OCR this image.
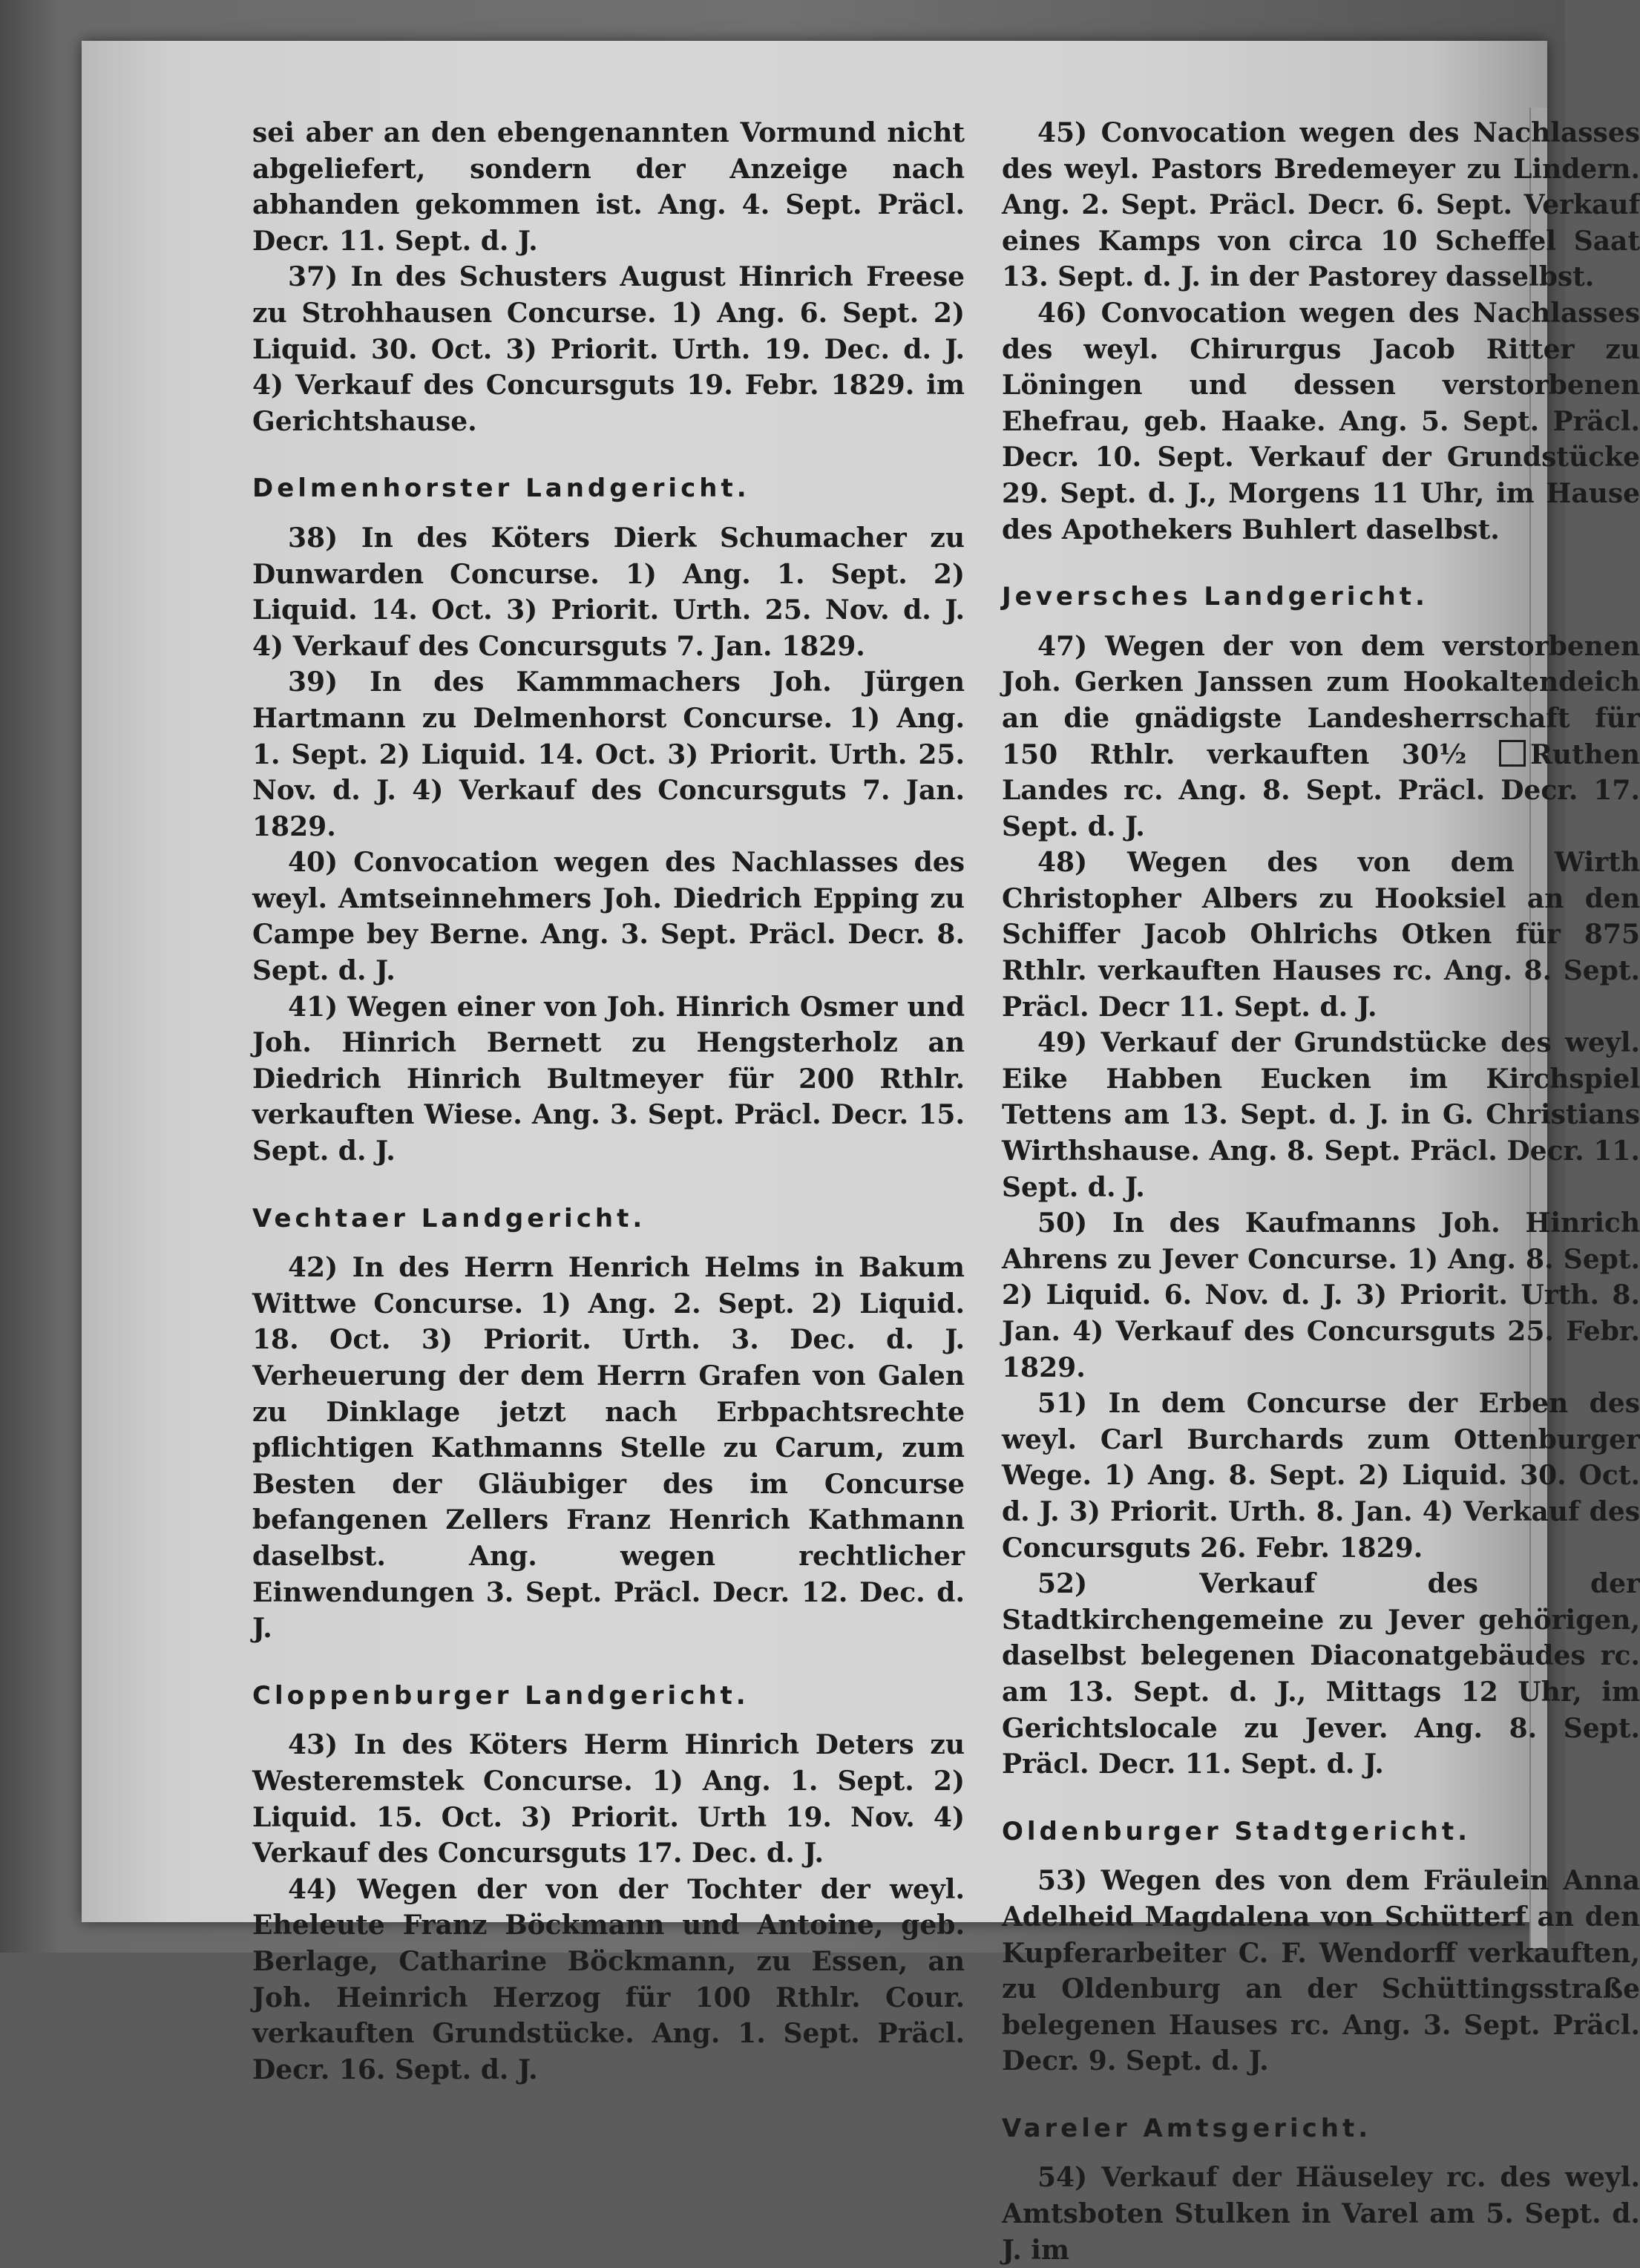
sei aber an den ebengenannten Vormund nicht abgeliefert, sondern der Anzeige nach abhanden gekommen ist. Ang. 4. Sept. Präcl. Decr. 11. Sept. d. J.

37) In des Schusters August Hinrich Freese zu Strohhausen Concurse. 1) Ang. 6. Sept. 2) Liquid. 30. Oct. 3) Priorit. Urth. 19. Dec. d. J. 4) Verkauf des Concursguts 19. Febr. 1829. im Gerichtshause.

Delmenhorster Landgericht.

38) In des Köters Dierk Schumacher zu Dunwarden Concurse. 1) Ang. 1. Sept. 2) Liquid. 14. Oct. 3) Priorit. Urth. 25. Nov. d. J. 4) Verkauf des Concursguts 7. Jan. 1829.

39) In des Kammmachers Joh. Jürgen Hartmann zu Delmenhorst Concurse. 1) Ang. 1. Sept. 2) Liquid. 14. Oct. 3) Priorit. Urth. 25. Nov. d. J. 4) Verkauf des Concursguts 7. Jan. 1829.

40) Convocation wegen des Nachlasses des weyl. Amtseinnehmers Joh. Diedrich Epping zu Campe bey Berne. Ang. 3. Sept. Präcl. Decr. 8. Sept. d. J.

41) Wegen einer von Joh. Hinrich Osmer und Joh. Hinrich Bernett zu Hengsterholz an Diedrich Hinrich Bultmeyer für 200 Rthlr. verkauften Wiese. Ang. 3. Sept. Präcl. Decr. 15. Sept. d. J.

Vechtaer Landgericht.

42) In des Herrn Henrich Helms in Bakum Wittwe Concurse. 1) Ang. 2. Sept. 2) Liquid. 18. Oct. 3) Priorit. Urth. 3. Dec. d. J. Verheuerung der dem Herrn Grafen von Galen zu Dinklage jetzt nach Erbpachtsrechte pflichtigen Kathmanns Stelle zu Carum, zum Besten der Gläubiger des im Concurse befangenen Zellers Franz Henrich Kathmann daselbst. Ang. wegen rechtlicher Einwendungen 3. Sept. Präcl. Decr. 12. Dec. d. J.

Cloppenburger Landgericht.

43) In des Köters Herm Hinrich Deters zu Westeremstek Concurse. 1) Ang. 1. Sept. 2) Liquid. 15. Oct. 3) Priorit. Urth 19. Nov. 4) Verkauf des Concursguts 17. Dec. d. J.

44) Wegen der von der Tochter der weyl. Eheleute Franz Böckmann und Antoine, geb. Berlage, Catharine Böckmann, zu Essen, an Joh. Heinrich Herzog für 100 Rthlr. Cour. verkauften Grundstücke. Ang. 1. Sept. Präcl. Decr. 16. Sept. d. J.

45) Convocation wegen des Nachlasses des weyl. Pastors Bredemeyer zu Lindern. Ang. 2. Sept. Präcl. Decr. 6. Sept. Verkauf eines Kamps von circa 10 Scheffel Saat 13. Sept. d. J. in der Pastorey dasselbst.

46) Convocation wegen des Nachlasses des weyl. Chirurgus Jacob Ritter zu Löningen und dessen verstorbenen Ehefrau, geb. Haake. Ang. 5. Sept. Präcl. Decr. 10. Sept. Verkauf der Grundstücke 29. Sept. d. J., Morgens 11 Uhr, im Hause des Apothekers Buhlert daselbst.

Jeversches Landgericht.

47) Wegen der von dem verstorbenen Joh. Gerken Janssen zum Hookaltendeich an die gnädigste Landesherrschaft für 150 Rthlr. verkauften 30½ Ruthen Landes rc. Ang. 8. Sept. Präcl. Decr. 17. Sept. d. J.

48) Wegen des von dem Wirth Christopher Albers zu Hooksiel an den Schiffer Jacob Ohlrichs Otken für 875 Rthlr. verkauften Hauses rc. Ang. 8. Sept. Präcl. Decr 11. Sept. d. J.

49) Verkauf der Grundstücke des weyl. Eike Habben Eucken im Kirchspiel Tettens am 13. Sept. d. J. in G. Christians Wirthshause. Ang. 8. Sept. Präcl. Decr. 11. Sept. d. J.

50) In des Kaufmanns Joh. Hinrich Ahrens zu Jever Concurse. 1) Ang. 8. Sept. 2) Liquid. 6. Nov. d. J. 3) Priorit. Urth. 8. Jan. 4) Verkauf des Concursguts 25. Febr. 1829.

51) In dem Concurse der Erben des weyl. Carl Burchards zum Ottenburger Wege. 1) Ang. 8. Sept. 2) Liquid. 30. Oct. d. J. 3) Priorit. Urth. 8. Jan. 4) Verkauf des Concursguts 26. Febr. 1829.

52) Verkauf des der Stadtkirchengemeine zu Jever gehörigen, daselbst belegenen Diaconatgebäudes rc. am 13. Sept. d. J., Mittags 12 Uhr, im Gerichtslocale zu Jever. Ang. 8. Sept. Präcl. Decr. 11. Sept. d. J.

Oldenburger Stadtgericht.

53) Wegen des von dem Fräulein Anna Adelheid Magdalena von Schütterf an den Kupferarbeiter C. F. Wendorff verkauften, zu Oldenburg an der Schüttingsstraße belegenen Hauses rc. Ang. 3. Sept. Präcl. Decr. 9. Sept. d. J.

Vareler Amtsgericht.

54) Verkauf der Häuseley rc. des weyl. Amtsboten Stulken in Varel am 5. Sept. d. J. im
